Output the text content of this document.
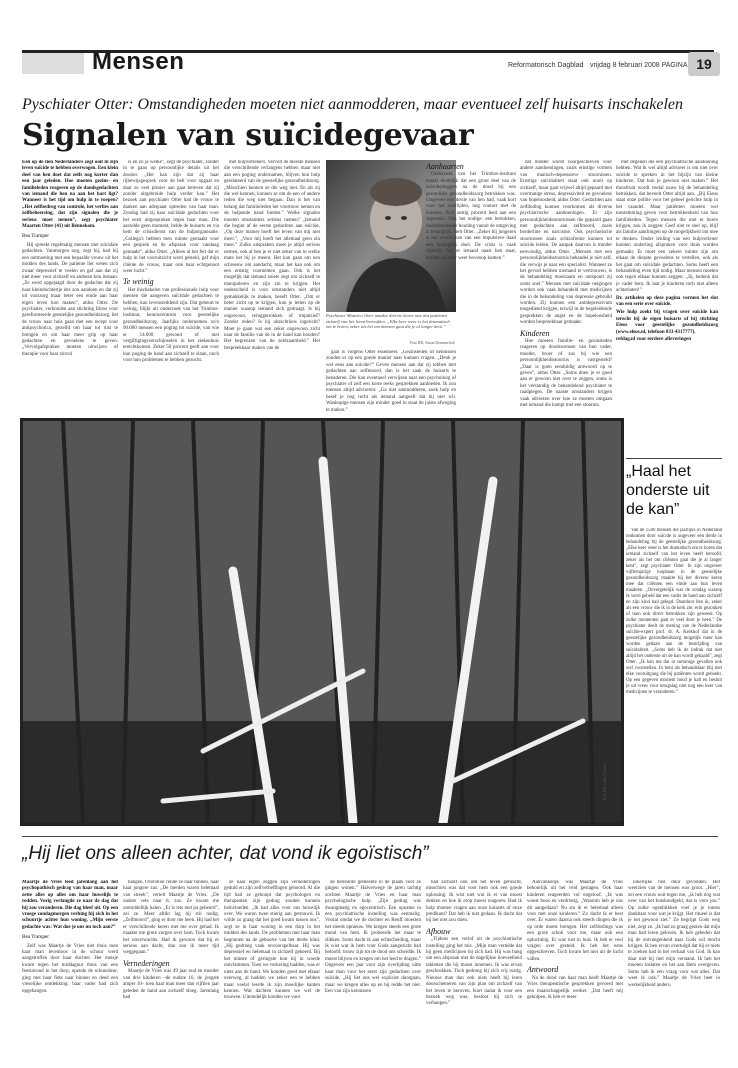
Mensen	Reformatorisch Dagblad vrijdag 8 februari 2008 PAGINA 19
Pyschiater Otter: Omstandigheden moeten niet aanmodderen, maar eventueel zelf huisarts inschakelen
Signalen van suïcidegevaar

Een op de tien Nederlanders zegt ooit in zijn leven suïcide te hebben overwogen. Een klein deel van hen doet dat zelfs nog korter dan een jaar geleden. Hoe moeten gezins- en familieleden reageren op de dondsgedachten van iemand die hen na aan het hart ligt? Wanneer is het tijd om hulp in te roepen? „Het zelfbedrog van controle, het verlies aan zelfbeheersing, dat zijn signalen die je serieus moet nemen”, zegt psychiater Maarten Otter (41) uit Bennekom.

Bea Tramper

Hij spreekt regelmatig mensen met suïcidale gedachten. Vanmorgen nog, zegt hij, had hij een ontmoeting met een bepaalde vrouw uit het midden des lands. De patiënte liet weten zich zwaar depressief te voelen en gaf aan dat zij niet meer voor zichzelf en anderen kon instaan. „Ze werd opgejaagd door de gedachte dat zij haar kleindochtertje iets zou aandoen en dat zij uit voorzorg maar beter een einde aan haar eigen leven kon maken”, aldus Otter. De psychiater, verbonden aan stichting Iiloos voor gereformeerde geestelijke gezondheidszorg, liet de vrouw naar huis gaan met een recept voor antipsychotica, gezelfd om haar tot rust te brengen en om haar meer grip op haar gedachten en gevoelens te geven. „Vervolgafspraken moeten uitwijzen of therapie voor haar zinvol

is en zo ja welke”, zegt de psychiater, zonder in te gaan op persoonlijke details uit het dossier. „Het kan zijn dat zij haar rijbewijsgesprek voor de belt voor opgaat en daar zo veel plezier aan gaat beleven dat zij zonder uitgebreide hulp verder kan.” Het bezoek aan psychiater Otter had de vrouw te danken aan adequaat optreden van haar man. Zondag had zij haar suïcidale gedachten voor het eerst uitgesproken tegen haar man. Die aarzelde geen moment, belde de huisarts en via hem de crisisdienst van de hulporganisatie. „Collega's hebben toen ruimte gemaakt voor een gesprek en de afspraak voor vandaag gemaakt”, aldus Otter. „Alleen al het feit dat er hulp in het vooruitzicht werd gesteld, gaf mijn cliënte de vrouw, maar ook haar echtgenoot weer lucht.”

Te weinig

Het inschakelen van professionele hulp voor mensen die aangeven suïcidale gedachten te hebben, kan levensreddend zijn. Dat gebeurt te weinig, blijkt uit onderzoek van het Trimbos-instituut, kenniscentrum voor geestelijke gezondheidszorg. Jaarlijks ondernemen zo'n 90.000 mensen een poging tot suïcide, van wie er 14.000 gewond of met vergiftigingsverschijnselen in het ziekenhuis terechtkomen. Zeker 50 procent geeft aan voor hun poging de hand aan zichzelf te slaan, noch voor hun problemen te hebben gezocht.

met hulpverleners. Vervolt de meeste mensen die verschillende verlangens hebben maar niet aan een poging ondernamen, blijven hun hulp gerelateerd van de geestelijke gezondheidszorg. „Misschien kennen ze die weg niet. En als zij die wel kennen, kunnen ze om de een of andere reden die weg niet begaan. Dan is het van belang dat familieleden het voortouw nemen en de helpende hand bieden.” Welke signalen moeten omstanders serieus nemen? „Iemand die begint af de eerste gedachten aan suïcide, „Op deze manier hoeft het leven van mij niet meer.”, „Voor mij hoeft het allemaal geen zin meer.” Zulke uitspraken moet je altijd serieus nemen, ook al ben je er niet zeker van in welke mate het bij je meent. Het kan gaan om een schreeuw om aandacht, maar het kan ook om een ernstig voornemen gaan. Ook is het mogelijk dat iemand zoiets zegt om zichzelf te manipuleren en zijn zin te krijgen. Het onderscheid is voor omstanders niet altijd gemakkelijk te maken, beseft Otter. „Om er beter zicht op te krijgen, kun je letten op de manier waarop iemand zich gedraagt. Is hij ongewoon, teruggetrokken of impulsief? Zonder reden? Is hij uitzichtloos ingericht? Moet je gaan wat een zeker ongewoon zicht naar de familie van de in de hand kan houden? Het begrenzen van de zeldzaamheid.” Het bespreekbaar maken van de

Psychiater Maarten Otter maakte diverse keren mee dat patiënten zichzelf van het leven beroofden. „Elke keer weer is het dramatisch om te horen, zeker als het om mensen gaat die je al langer kent.”
Foto RD, Anton Dommerholt

gaat is volgens Otter essentieel. „Gezinsleden of kennissen zouden er op een goede manier naar kunnen vragen. „Denk je wel eens aan suïcide?” Geven mensen aan dat zij tobben met gedachten aan zelfmoord, dan is het zaak de huisarts te benaderen. Die kan eventueel verwijzen naar een psycholoog of psychiater of zelf een korte reeks gesprekken aanbieden. Ik zou mensen altijd adviseren: „Ga niet aanmodderen, zoek hulp en besef je nog recht als iemand aangeeft dat hij niet wil. Wanhopige mensen zijn minder goed in staat de juiste afweging te maken.”

Aanhaarten

Onderzoek van het Trimbos-instituut maakt duidelijk dat een groot deel van de suïcidepleggers na de dood bij een geestelijke gezondheidszorg betrokken was. Ongeveer een derde van hen had, vaak kort voor het overlijden, nog contact met de huisarts. Zo'n zestig procent leed aan een depressie. Ook het nodige: een betrokken, ondersteunende houding vanuit de omgeving is belangrijk, stelt Otter. „Zeker bij jongeren is het voorkomen van een impulsieve daad een belangrijk doel. De crisis is vaak tijdelijk. Als er iemand naast hen staat, kunnen zij daar weer bovenop komen.”

dat middel wordt voorgeschreven voor andere aandoeningen, zoals ernstige vormen van manisch-depressieve stoornissen. Ernstige suïcidaliteit staat ook nooit op zichzelf, maar gaat vrijwel altijd gepaard met overmatige stress, depressiviteit en gevoelens van hopeloosheid, aldus Otter. Gedachten aan zelfdoding kunnen voorkomen als diverse psychiatrische aandoeningen. Er zijn persoonlijkheidsstoornissen die gepaard gaan met gedachten aan zelfmoord, zoals borderline en narcisme. Ook psychotische stoornissen zoals schizofrenie kunnen tot suïcide leiden. De aanpak daarvan is minder eenvoudig, aldus Otter. „Mensen met een persoonlijkheidsstoornis behandel je niet zelf, die verwijs je naar een specialist. Wanneer ze het gevoel hebben niemand te vertrouwen, is de behandeling moeizaam en ontspoort zij soms snel.” Mensen met suïcidale neigingen worden ook vaak behandeld met medicijnen die in de behandeling van depressie gebruikt worden. Zij kunnen een antidepressivum toegediend krijgen, terwijl in de begeleidende gesprekken de angst en de hopeloosheid worden bespreekbaar gemaakt.

Kinderen

Hoe moeten familie- en gezinsleden reageren op doodswensen van hun vader, moeder, broer of zus bij wie een persoonlijkheidsstoornis is vastgesteld? „Daar is goen eenduidig antwoord op te geven”, aldus Otter. „Soms doen je er goed aan er gewoon niet over te zeggen, soms is het verstandig de behandelend psychiater te raadplegen. De naaste omstanders krijgen vaak adviezen over hoe ze moeten omgaan met iemand die kampt met een stoornis.

met degenen die een psychiatrische aandoening hebben. Wat ik wel altijd adviseer is om niet over suïcide te spreken in het bijzijn van kleine kinderen. Dat kun je gewoon niet maken.” Het thuisfront wordt veelal nauw bij de behandeling betrokken, dat beveelt Otter altijd aan. „Bij Eleos staat onze politie voor het geheel gerichte hulp in het vaandel. Maar patiënten moeten wel toestemming geven voor betrokkenheid van hun familieleden. Tegen mensen die niet te horen krijgen, zou ik zeggen: Geef niet te snel op, blijf als familie aandringen op de mogelijkheid om mee te denken. Onder leiding van een hulpverlener kunnen onderling afspraken voor thuis worden gemaakt. Er moet een zekere ruimte zijn om elkaar de diepste gevoelens te vertellen, ook als het gaat om suïcidale gedachten. Soms heeft een behandeling even tijd nodig. Maar mensen moeten ook tegen elkaar kunnen zeggen: „Jij, bedenk dat je vader bent. Ik laat je kinderen toch niet alleen achterlaten!”

Dr. artikelen op deze pagina vormen het slot van een serie over suïcide.

Wie hulp zoekt bij vragen over suïcide kan terecht bij de eigen huisarts of bij stichting Eleos voor geestelijke gezondheidszorg (www.eleos.nl, telefoon 033-4317777).

refdag.nl voor eerdere afleveringen

Foto RD, Henk Visscher
„Haal het onderste uit de kan”

Van de 1500 mensen die jaarlijks in Nederland omkomen door suïcide is ongeveer een derde in behandeling bij de geestelijke gezondheidszorg. „Elke keer weer is het dramatisch om te horen dat iemand zichzelf van het leven heeft beroofd, zeker als het om cliënten gaat die je al langer kent”, zegt psychiater Otter. In zijn ongeveer vijftienjarige loopbaan in de geestelijke gezondheidszorg maakte hij het diverse keren mee dat cliënten een einde aan hun leven maakten. „Onvergetelijk was de zondag waarop ik werd gebeld dat een vader de hand aan zichzelf en zijn kind had gelegd. Daardoor ben ik, zeker als een vrouw die ik in de kerk zie, erin gezonken of toen ook direct betrokken zijn geweest. Op zulke momenten gaat er veel door je heen.” De psychiater deelt de mening van de Nederlandse suïcide-expert prof. dr. A. Kerkhof dat in de geestelijke gezondheidszorg mogelijk meer kan worden gedaan aan de bestrijding van suïcidaliteit. „Soms heb ik de indruk dat niet altijd het onderste uit de kan wordt gehaald”, zegt Otter. „Ik kan me dat in sommige gevallen ook wel voorstellen. In bent als behandelaar blij met elke vooruitgang die bij patiënten wordt geboekt. Op een gegeven moment houd je halt en besluit je uit vrees voor terugslag niet nog een keer van medicijnen te veranderen.”

„Hij liet ons alleen achter, dat vond ik egoïstisch”

Maartje de Vries leed jarenlang aan het psychopathisch gedrag van haar man, maar zette alles op alles om haar huwelijk te redden. Vorig verlangde ze naar de dag dat hij zou veranderen. Die dag bleef uit. Op een vroege zondagmorgen verhing hij zich in het schuurtje achter hun woning. „Mijn eerste gedachte was: Wat doe je ons nu toch aan?”

Bea Tramper

Zelf was Maartje de Vries niet thuis toen haar man levenloos in de schuur werd aangetroffen door haar dochter. Het meisje kwam tegen het middaguur thuis van een feestavond in het dorp, opende de schuurdeur, ging met haar fiets naar binnen en deed een vreselijke ontdekking: haar vader had zich opgehangen.

hangen. Overstuur rende ze naar binnen, naar haar jongere zus. „De meiden waren helemaal van streek”, vertelt Maartje de Vries. „De oudste vele naar 8, zus. Ze kwam me onmiddellijk halen. „Er is iets met pa gebeurd”, zei ze. Meer aftikt lag hij stil nodig. „Zelfmoord”, ging er door me heen. Hij had het er verschillende keren met me over gehad. Ik maakte me grote zorgen over hem. Toch kwam het onverwachts. Had ik gewoon dat hij er serieus aan dacht, dan zou ik meer tijd weggegaan.”

Vernederingen

Maartje de Vries was 49 jaar oud en moeder van drie kinderen –de oudste 16, de jongste amper 10– toen haar man meer dan vijftien jaar geleden de hand aan zichzelf sloeg. Jarenlang had

ze naar eigen zeggen zijn vernederingen geduld en zijn zelfverheffingen gehoord. Al die tijd had ze gehoopt dat psychologen en therapeuten zijn gedrag zouden kunnen beïnvloeden. „Ik had alles voor ons huwelijk over. We waren twee stierig aan getrouwd. Ik wilde zo graag dat het goed kwam tussen ons”, zegt ze in haar woning in een dorp in het midden des lands. De problemen met haar man begonnen na de geboorte van het derde kind. „Hij gedroeg vaak onvoorspelbaar. Hij was depressief en helemaal in zichzelf gekeerd. Bij het minste of geringste kon hij in woede ontvlammen. Toen we verkering hadden, was er niets aan de hand. We konden goed met elkaar overweg, al hadden we zeker een te hebben maar veelal leerde ik zijn moeilijke kanten kennen. Wat dachten kunnen we wel de trouwen. Uiteindelijk konden we voor

de betreurde gemeente in de plaats voor ze gingen wonen.” Halverwege de jaren tachtig zochten Maartje de Vries en haar man psychologische hulp. „Zijn gedrag was dwangmatig en egocentrisch. Een opname in een psychiatrische instelling was eenmalig. Vooral omdat we de dochter en Reuff moesten het steeds opnieuw. We kregen steeds een grote mond van hem. Ik probeerde het maar te slikken. Soms dacht ik aan echtscheiding, maar ik wist wat ik hem voor Gods aangezicht had beloofd: trouw zijn tot de dood ons scheidde. Ik moest blijven en kregen om het leed te dragen.” Ongeveer een jaar voor zijn overlijding uitte haar man voor het eerst zijn gedachten over suïcide. „Hij liet ons wel expliciet doorgaan, maar we kregen alles op en hij redde het niet. Een van zijn kennissen

had zichzelf ook om het leven gebracht, misschien was dat voor hem ook een goede oplossing. Ik wist niet wat ik er van moest denken en hoe ik erop moest reageren. Had ik hulp moeten vragen aan onze huisarts of onze predikant? Dat heb ik niet gedaan. Ik dacht dat hij het niet zou doen.

Afhouw

„Tijdens een verlof uit de psychiatrische instelling ging het mis. „Mijn man vertelde dat hij geen medicijnen bij zich had. Hij was bang om een afspraak met de dagelijkse hoeveelheid tabletten die hij moest innemen. Ik was ervan geschrokken. Toch gedroeg hij zich vrij rustig. Nieuwe man dan ook niets heeft hij leren doorschemeren van zijn plan om zichzelf van het leven te beroven. Kort nadat ik voor een bezoek weg was, besloot hij zich te verhangen.”

Aanvankelijk was Maartje de Vries behoorlijk uit het veld geslagen. Ook haar kinderen reageerden vol ongeloof. „Ik was woest boos en verdrietig. „Waarom heb je ons dit aangedaan? Nu sta ik er helemaal alleen voor met onze kinderen.” Zo dacht ik er best over. Er waren daarna ook steeds dingen die ik op orde moest brengen. Het zelfdodings was een grote schok voor me, maar ook een opluchting. Er was rust in huis. Ik heb er veel vragen over gesteld. Ik heb het eens opgeschreven. Toch kwam het niet uit de lucht vallen.

Antwoord

Na de dood van haar man heeft Maartje de Vries therapeutische gesprekken gevoerd met een maatschappelijk werker. „Dat heeft mij geholpen, ik heb er meer

innerlijke rust door gevonden. Het weerzien van de mensen was groot. „Hier”, zei een vrouw ooit tegen me, „ik heb nog wat over van het buishoudgeld, dat is voor jou.” Op zulke ogenblikken voel je je intens dankbaar voor wat je krijgt. Het ritueel is dat je het gewoon ziet.” Ze begrijpt Gods weg niet, zegt ze. „Ik had zo graag gezien dat mijn man had leren geloven. Ik heb gebeden dat hij de ontvangenheid naar Gods wil mocht krijgen. Ik ben ervan overtuigd dat hij er niets te zoeken had in het verhaal van God. Ik kan daar niet bij met mijn verstand. Ik heb het moeten loslaten en het aan Hem overgeven. Soms heb ik een vraag voor wat alles. Dat weet ik ook.” Maartje de Vries heet in werkelijkheid anders.
